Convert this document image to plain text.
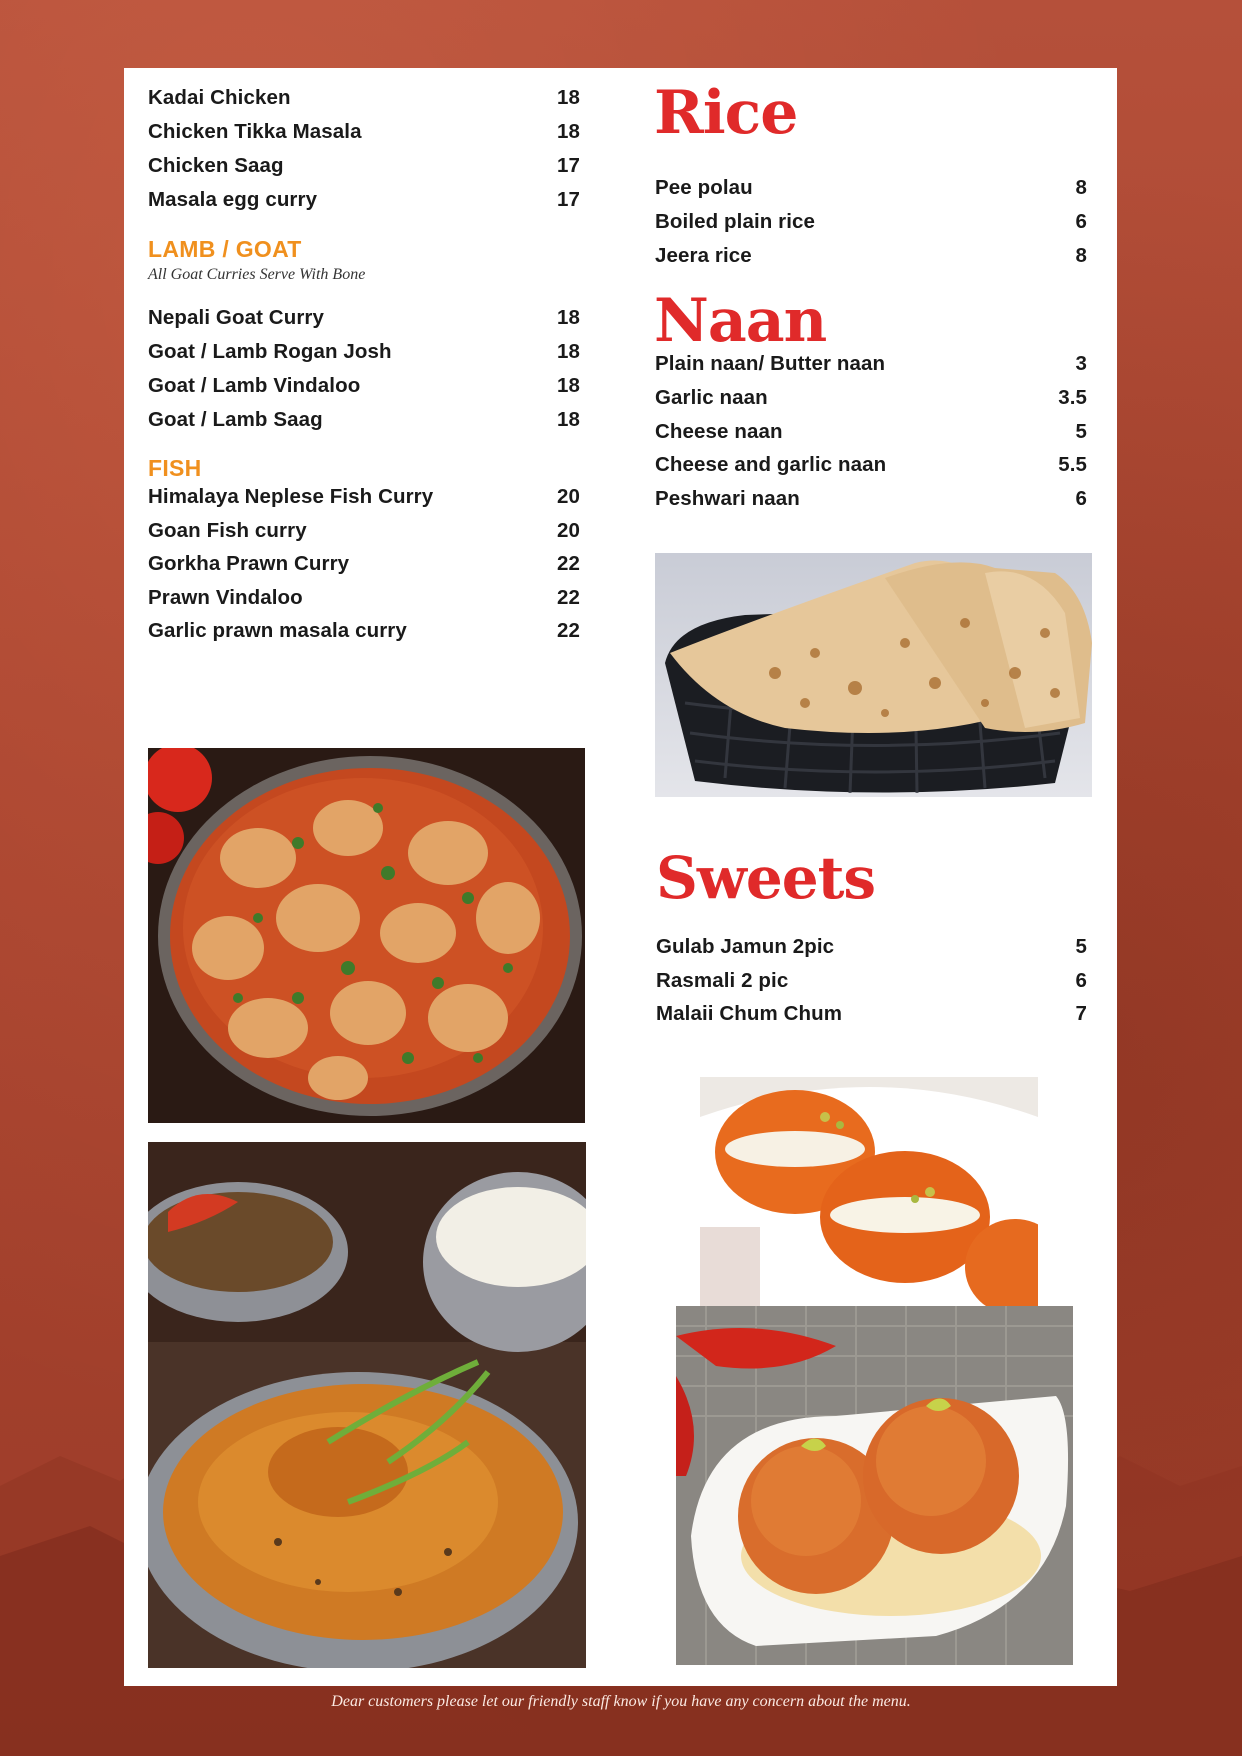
Kadai Chicken	18
Chicken Tikka Masala	18
Chicken Saag	17
Masala egg curry	17
LAMB / GOAT
All Goat Curries Serve With Bone
Nepali Goat Curry	18
Goat / Lamb Rogan Josh	18
Goat / Lamb Vindaloo	18
Goat / Lamb Saag	18
FISH
Himalaya Neplese Fish Curry	20
Goan Fish curry	20
Gorkha Prawn Curry	22
Prawn Vindaloo	22
Garlic prawn masala curry	22
Rice
Pee polau	8
Boiled plain rice	6
Jeera rice	8
Naan
Plain naan/ Butter naan	3
Garlic naan	3.5
Cheese naan	5
Cheese and garlic naan	5.5
Peshwari naan	6
Sweets
Gulab Jamun 2pic	5
Rasmali 2 pic	6
Malaii Chum Chum	7
Dear customers please let our friendly staff know if you have any concern about the menu.
